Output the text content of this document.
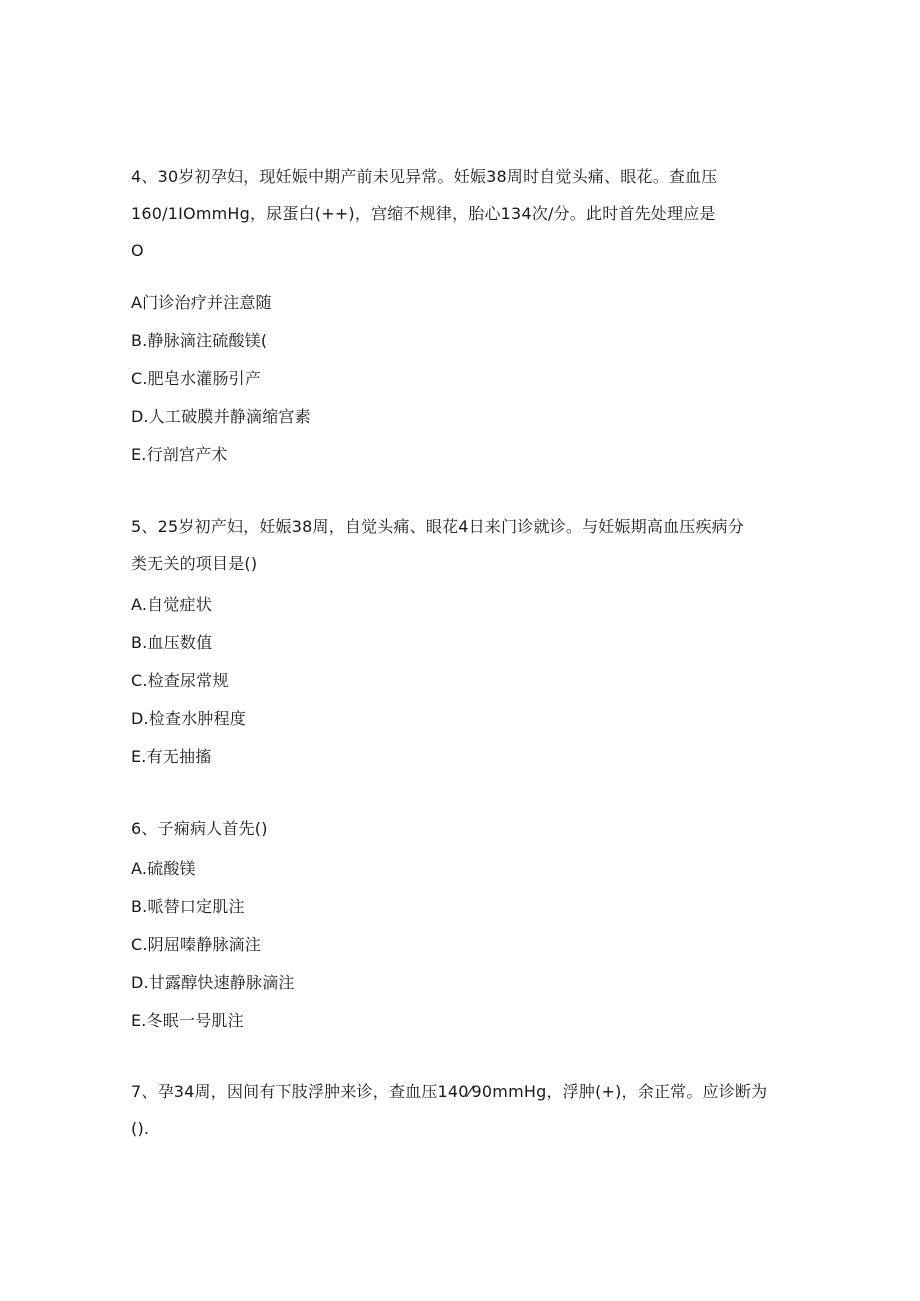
4、30岁初孕妇，现妊娠中期产前未见异常。妊娠38周时自觉头痛、眼花。查血压
160/1IOmmHg，尿蛋白(++)，宫缩不规律，胎心134次/分。此时首先处理应是
O
A门诊治疗并注意随
B.静脉滴注硫酸镁(
C.肥皂水灌肠引产
D.人工破膜并静滴缩宫素
E.行剖宫产术
5、25岁初产妇，妊娠38周，自觉头痛、眼花4日来门诊就诊。与妊娠期高血压疾病分
类无关的项目是()
A.自觉症状
B.血压数值
C.检查尿常规
D.检查水肿程度
E.有无抽搐
6、子痫病人首先()
A.硫酸镁
B.哌替口定肌注
C.阴屈嗪静脉滴注
D.甘露醇快速静脉滴注
E.冬眠一号肌注
7、孕34周，因间有下肢浮肿来诊，查血压140⁄90mmHg，浮肿(+)，余正常。应诊断为
().
